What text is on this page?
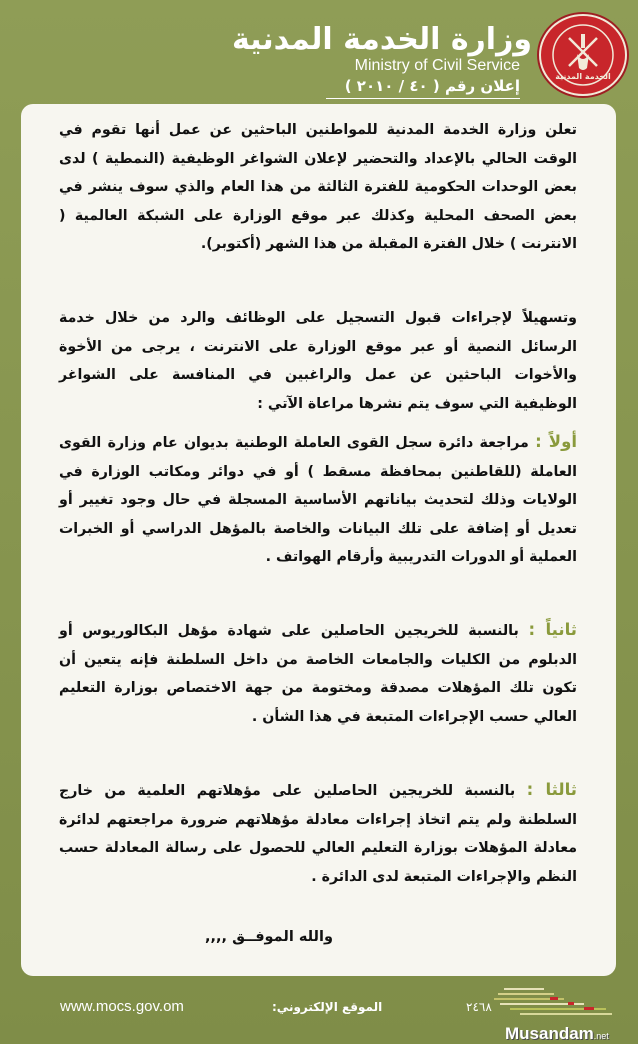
الخدمة المدنية
وزارة الخدمة المدنية
Ministry of Civil Service
إعلان رقم ( ٤٠ / ٢٠١٠ )

تعلن وزارة الخدمة المدنية للمواطنين الباحثين عن عمل أنها تقوم في الوقت الحالي بالإعداد والتحضير لإعلان الشواغر الوظيفية (النمطية ) لدى بعض الوحدات الحكومية للفترة الثالثة من هذا العام والذي سوف ينشر في بعض الصحف المحلية وكذلك عبر موقع الوزارة على الشبكة العالمية ( الانترنت ) خلال الفترة المقبلة من هذا الشهر (أكتوبر).

وتسهيلاً لإجراءات قبول التسجيل على الوظائف والرد من خلال خدمة الرسائل النصية أو عبر موقع الوزارة على الانترنت ، يرجى من الأخوة والأخوات الباحثين عن عمل والراغبين في المنافسة على الشواغر الوظيفية التي سوف يتم نشرها مراعاة الآتي :

أولاً : مراجعة دائرة سجل القوى العاملة الوطنية بديوان عام وزارة القوى العاملة (للقاطنين بمحافظة مسقط ) أو في دوائر ومكاتب الوزارة في الولايات وذلك لتحديث بياناتهم الأساسية المسجلة في حال وجود تغيير أو تعديل أو إضافة على تلك البيانات والخاصة بالمؤهل الدراسي أو الخبرات العملية أو الدورات التدريبية وأرقام الهواتف .

ثانياً : بالنسبة للخريجين الحاصلين على شهادة مؤهل البكالوريوس أو الدبلوم من الكليات والجامعات الخاصة من داخل السلطنة فإنه يتعين أن تكون تلك المؤهلات مصدقة ومختومة من جهة الاختصاص بوزارة التعليم العالي حسب الإجراءات المتبعة في هذا الشأن .

ثالثا : بالنسبة للخريجين الحاصلين على مؤهلاتهم العلمية من خارج السلطنة ولم يتم اتخاذ إجراءات معادلة مؤهلاتهم ضرورة مراجعتهم لدائرة معادلة المؤهلات بوزارة التعليم العالي للحصول على رسالة المعادلة حسب النظم والإجراءات المتبعة لدى الدائرة .

والله الموفــق ,,,,
www.mocs.gov.om	الموقع الإلكتروني:	٢٤٦٨
Musandam.net
